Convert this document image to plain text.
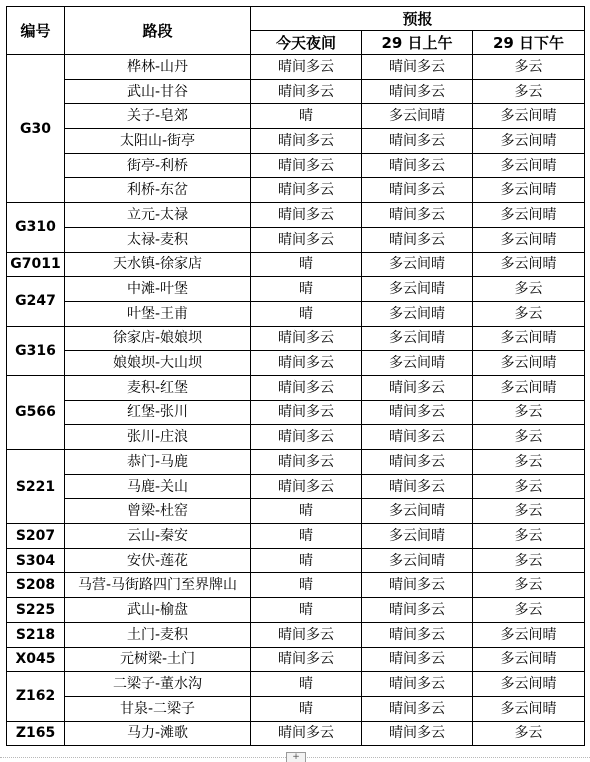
编号	路段	预报		
		今天夜间	29 日上午	29 日下午
G30	桦林-山丹	晴间多云	晴间多云	多云
	武山-甘谷	晴间多云	晴间多云	多云
	关子-皂郊	晴	多云间晴	多云间晴
	太阳山-街亭	晴间多云	晴间多云	多云间晴
	街亭-利桥	晴间多云	晴间多云	多云间晴
	利桥-东岔	晴间多云	晴间多云	多云间晴
G310	立元-太禄	晴间多云	晴间多云	多云间晴
	太禄-麦积	晴间多云	晴间多云	多云间晴
G7011	天水镇-徐家店	晴	多云间晴	多云间晴
G247	中滩-叶堡	晴	多云间晴	多云
	叶堡-王甫	晴	多云间晴	多云
G316	徐家店-娘娘坝	晴间多云	多云间晴	多云间晴
	娘娘坝-大山坝	晴间多云	多云间晴	多云间晴
G566	麦积-红堡	晴间多云	晴间多云	多云间晴
	红堡-张川	晴间多云	晴间多云	多云
	张川-庄浪	晴间多云	晴间多云	多云
S221	恭门-马鹿	晴间多云	晴间多云	多云
	马鹿-关山	晴间多云	晴间多云	多云
	曾梁-杜窑	晴	多云间晴	多云
S207	云山-秦安	晴	多云间晴	多云
S304	安伏-莲花	晴	多云间晴	多云
S208	马营-马街路四门至界牌山	晴	晴间多云	多云
S225	武山-榆盘	晴	晴间多云	多云
S218	土门-麦积	晴间多云	晴间多云	多云间晴
X045	元树梁-土门	晴间多云	晴间多云	多云间晴
Z162	二梁子-董水沟	晴	晴间多云	多云间晴
	甘泉-二梁子	晴	晴间多云	多云间晴
Z165	马力-滩歌	晴间多云	晴间多云	多云
+
